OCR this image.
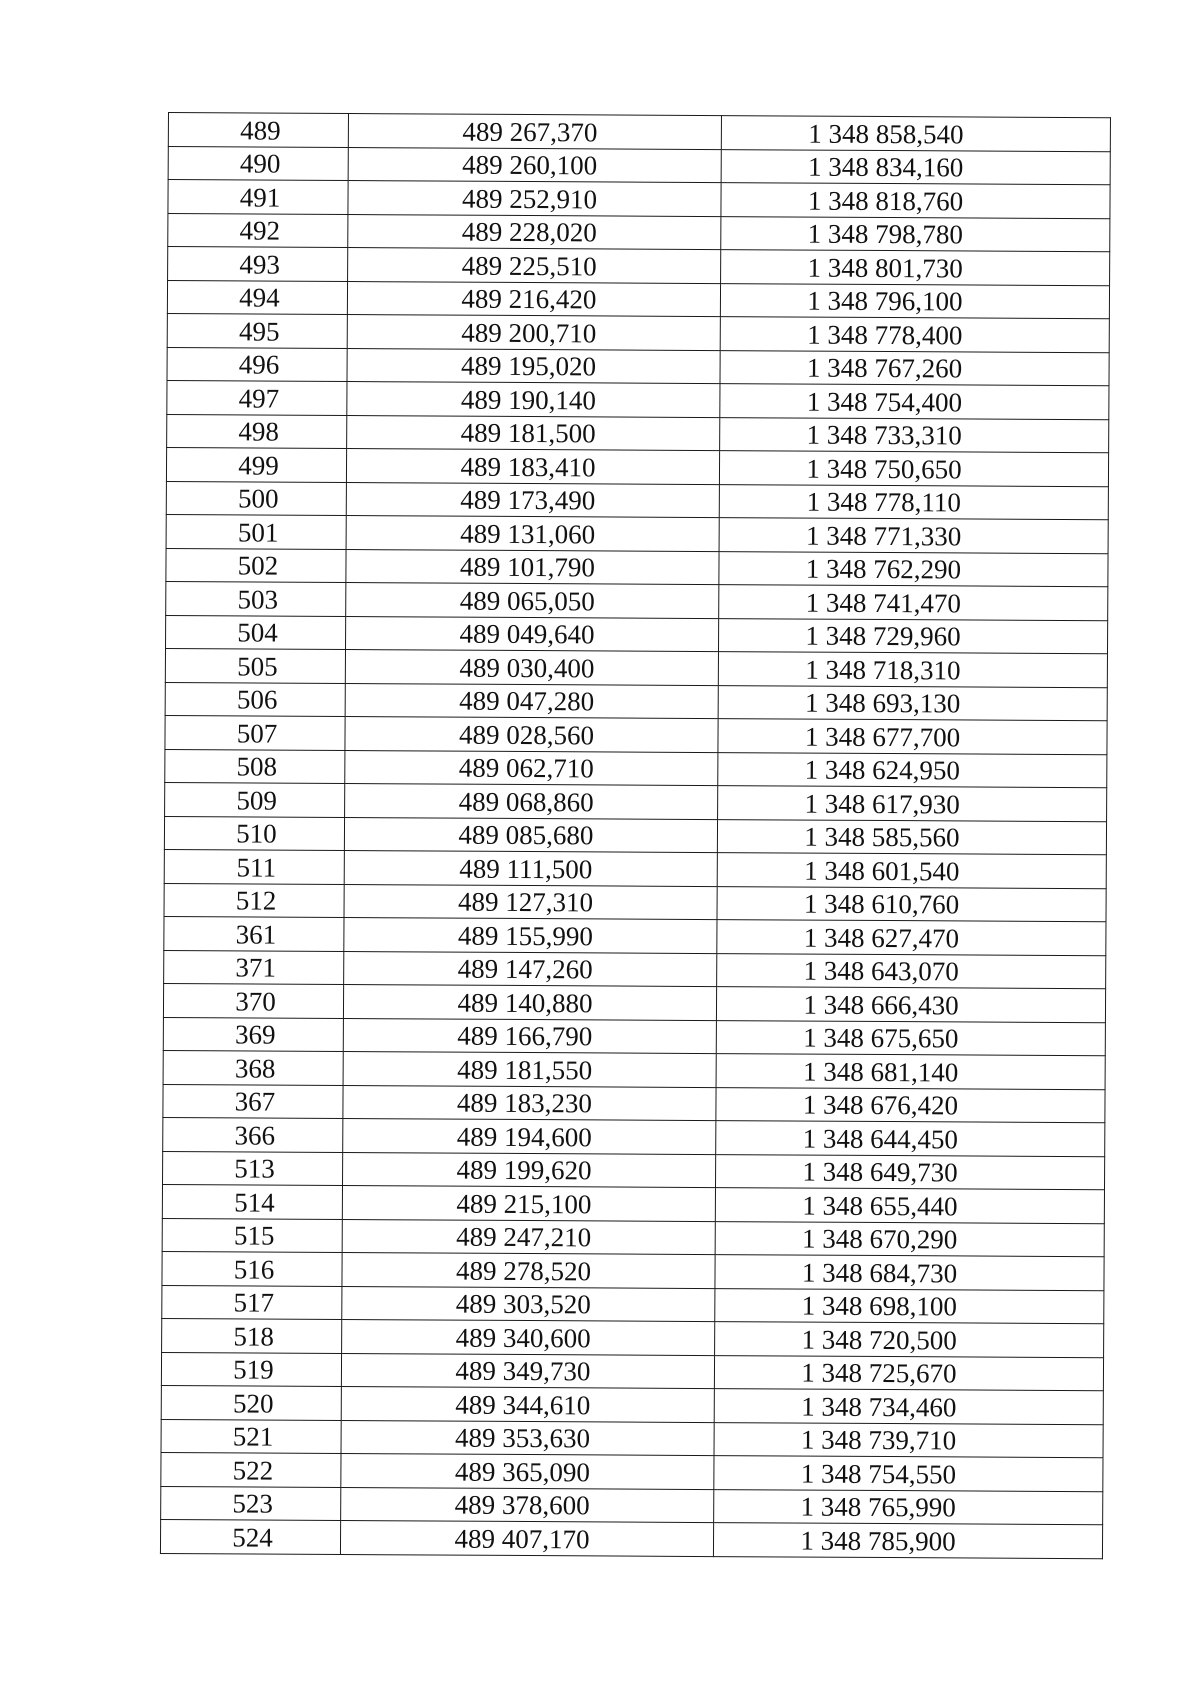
489	489 267,370	1 348 858,540
490	489 260,100	1 348 834,160
491	489 252,910	1 348 818,760
492	489 228,020	1 348 798,780
493	489 225,510	1 348 801,730
494	489 216,420	1 348 796,100
495	489 200,710	1 348 778,400
496	489 195,020	1 348 767,260
497	489 190,140	1 348 754,400
498	489 181,500	1 348 733,310
499	489 183,410	1 348 750,650
500	489 173,490	1 348 778,110
501	489 131,060	1 348 771,330
502	489 101,790	1 348 762,290
503	489 065,050	1 348 741,470
504	489 049,640	1 348 729,960
505	489 030,400	1 348 718,310
506	489 047,280	1 348 693,130
507	489 028,560	1 348 677,700
508	489 062,710	1 348 624,950
509	489 068,860	1 348 617,930
510	489 085,680	1 348 585,560
511	489 111,500	1 348 601,540
512	489 127,310	1 348 610,760
361	489 155,990	1 348 627,470
371	489 147,260	1 348 643,070
370	489 140,880	1 348 666,430
369	489 166,790	1 348 675,650
368	489 181,550	1 348 681,140
367	489 183,230	1 348 676,420
366	489 194,600	1 348 644,450
513	489 199,620	1 348 649,730
514	489 215,100	1 348 655,440
515	489 247,210	1 348 670,290
516	489 278,520	1 348 684,730
517	489 303,520	1 348 698,100
518	489 340,600	1 348 720,500
519	489 349,730	1 348 725,670
520	489 344,610	1 348 734,460
521	489 353,630	1 348 739,710
522	489 365,090	1 348 754,550
523	489 378,600	1 348 765,990
524	489 407,170	1 348 785,900
